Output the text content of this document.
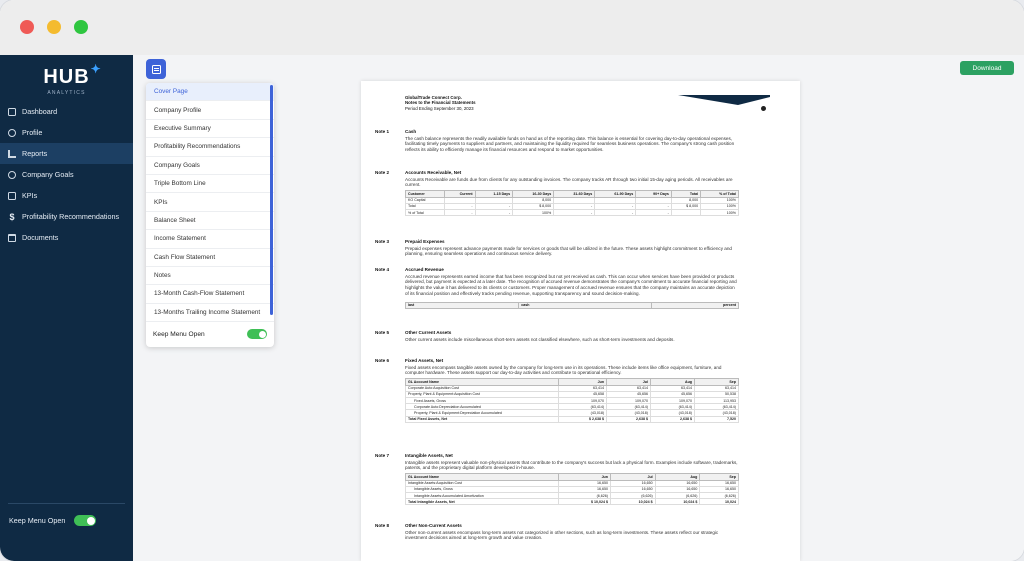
HUB ✦
ANALYTICS
Dashboard
Profile
Reports
Company Goals
KPIs
$ Profitability Recommendations
Documents
Keep Menu Open
Download
Cover Page
Company Profile
Executive Summary
Profitability Recommendations
Company Goals
Triple Bottom Line
KPIs
Balance Sheet
Income Statement
Cash Flow Statement
Notes
13-Month Cash-Flow Statement
13-Months Trailing Income Statement
Keep Menu Open
GlobalTrade Connect Corp.
Notes to the Financial Statements
Period Ending September 30, 2023
Note 1	Cash
The cash balance represents the readily available funds on hand as of the reporting date. This balance is essential for covering day-to-day operational expenses, facilitating timely payments to suppliers and partners, and maintaining the liquidity required for seamless business operations. The company's strong cash position reflects its ability to efficiently manage its financial resources and respond to market opportunities.
Note 2	Accounts Receivable, Net
Accounts Receivable are funds due from clients for any outstanding invoices. The company tracks AR through two initial 15-day aging periods. All receivables are current.
Customer	Current	1-15 Days	16-30 Days	31-60 Days	61-90 Days	90+ Days	Total	% of Total
KO Capital			8,000				8,000	100%
Total	-	-	$ 8,000	-	-	-	$ 8,000	100%
% of Total	-	-	100%	-	-	-		100%
Note 3	Prepaid Expenses
Prepaid expenses represent advance payments made for services or goods that will be utilized in the future. These assets highlight commitment to efficiency and planning, ensuring seamless operations and continuous service delivery.
Note 4	Accrued Revenue
Accrued revenue represents earned income that has been recognized but not yet received as cash. This can occur when services have been provided or products delivered, but payment is expected at a later date. The recognition of accrued revenue demonstrates the company's commitment to accurate financial reporting and highlights the value it has delivered to its clients or customers. Proper management of accrued revenue ensures that the company maintains an accurate depiction of its financial position and effectively tracks pending revenue, supporting transparency and sound decision-making.
last	cash	percent
Note 5	Other Current Assets
Other current assets include miscellaneous short-term assets not classified elsewhere, such as short-term investments and deposits.
Note 6	Fixed Assets, Net
Fixed assets encompass tangible assets owned by the company for long-term use in its operations. These include items like office equipment, furniture, and computer hardware. These assets support our day-to-day activities and contribute to operational efficiency.
GL Account Name	Jun	Jul	Aug	Sep
Corporate Auto:Acquisition Cost	63,414	63,414	63,414	63,414
Property, Plant & Equipment:Acquisition Cost	45,658	45,656	45,656	50,538
Fixed Assets, Gross	109,070	109,070	109,070	113,953
Corporate Auto:Depreciation Accumulated	(63,414)	(63,414)	(63,414)	(63,414)
Property, Plant & Equipment:Depreciation Accumulated	(43,018)	(43,018)	(43,018)	(43,018)
Total Fixed Assets, Net	$ 2,638 $	2,638 $	2,638 $	7,520
Note 7	Intangible Assets, Net
Intangible assets represent valuable non-physical assets that contribute to the company's success but lack a physical form. Examples include software, trademarks, patents, and the proprietary digital platform developed in-house.
GL Account Name	Jun	Jul	Aug	Sep
Intangible Assets:Acquisition Cost	16,650	16,650	16,650	16,650
Intangible Assets, Gross	16,650	16,650	16,650	16,650
Intangible Assets:Accumulated Amortization	(6,626)	(6,626)	(6,626)	(6,626)
Total Intangible Assets, Net	$ 10,024 $	10,024 $	10,024 $	10,024
Note 8	Other Non-Current Assets
Other non-current assets encompass long-term assets not categorized in other sections, such as long-term investments. These assets reflect our strategic investment decisions aimed at long-term growth and value creation.
